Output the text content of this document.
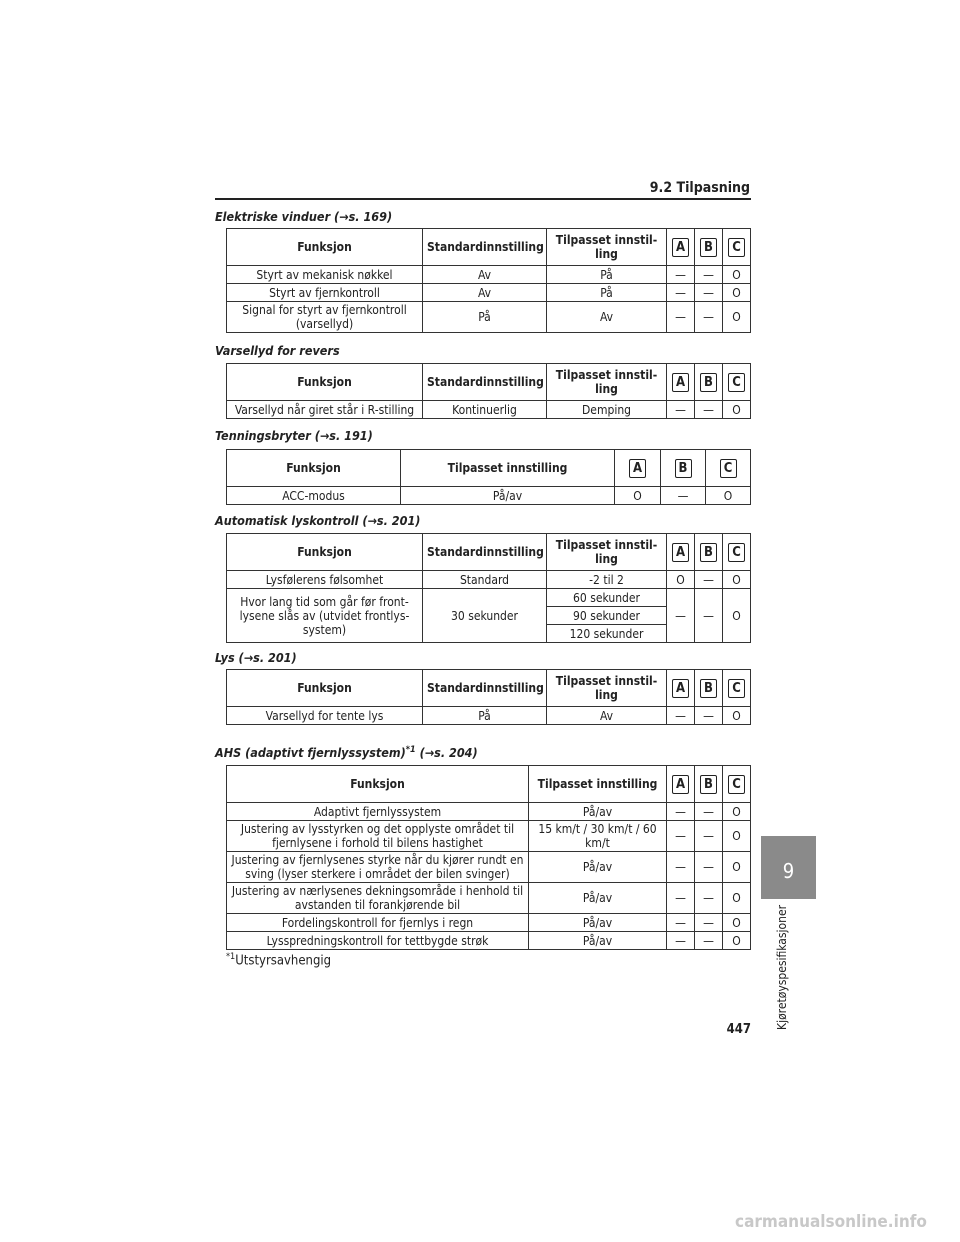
9.2 Tilpasning
Elektriske vinduer (→s. 169)
Funksjon	Standardinnstilling	Tilpasset innstil-
ling	A	B	C
Styrt av mekanisk nøkkel	Av	På	—	—	O
Styrt av fjernkontroll	Av	På	—	—	O
Signal for styrt av fjernkontroll (varsellyd)	På	Av	—	—	O
Varsellyd for revers
Funksjon	Standardinnstilling	Tilpasset innstil-
ling	A	B	C
Varsellyd når giret står i R-stilling	Kontinuerlig	Demping	—	—	O
Tenningsbryter (→s. 191)
Funksjon	Tilpasset innstilling	A	B	C
ACC-modus	På/av	O	—	O
Automatisk lyskontroll (→s. 201)
Funksjon	Standardinnstilling	Tilpasset innstil-
ling	A	B	C
Lysfølerens følsomhet	Standard	-2 til 2	O	—	O
Hvor lang tid som går før front-lysene slås av (utvidet frontlys-system)	30 sekunder	60 sekunder	—	—	O
		90 sekunder			
		120 sekunder			
Lys (→s. 201)
Funksjon	Standardinnstilling	Tilpasset innstil-
ling	A	B	C
Varsellyd for tente lys	På	Av	—	—	O
AHS (adaptivt fjernlyssystem)$^{*1}$ (→s. 204)
Funksjon	Tilpasset innstilling	A	B	C
Adaptivt fjernlyssystem	På/av	—	—	O
Justering av lysstyrken og det opplyste området til fjernlysene i forhold til bilens hastighet	15 km/t / 30 km/t / 60 km/t	—	—	O
Justering av fjernlysenes styrke når du kjører rundt en sving (lyser sterkere i området der bilen svinger)	På/av	—	—	O
Justering av nærlysenes dekningsområde i henhold til avstanden til forankjørende bil	På/av	—	—	O
Fordelingskontroll for fjernlys i regn	På/av	—	—	O
Lysspredningskontroll for tettbygde strøk	På/av	—	—	O
$^{*1}$Utstyrsavhengig
9
Kjøretøyspesifikasjoner
447
carmanualsonline.info
